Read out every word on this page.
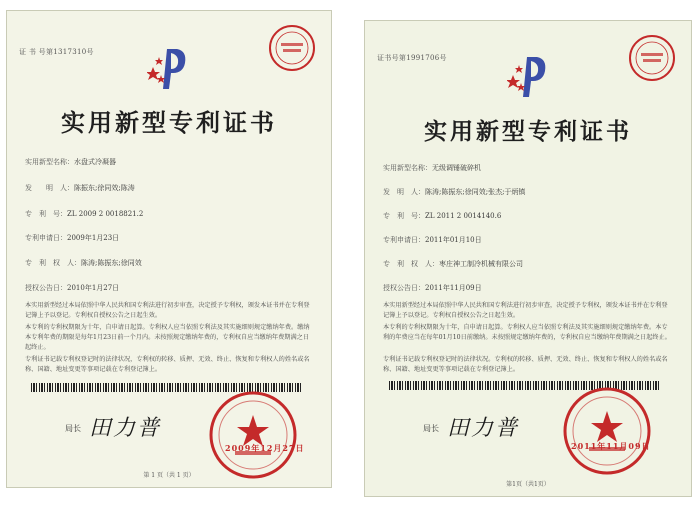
证 书 号第1317310号
实用新型专利证书
实用新型名称：水盘式冷凝器
发　　明　人：陈振东;徐同效;陈涛
专　利　号：ZL 2009 2 0018821.2
专利申请日：2009年1月23日
专　利　权　人：陈涛;陈振东;徐同效
授权公告日：2010年1月27日
本实用新型经过本局依照中华人民共和国专利法进行初步审查，决定授予专利权，颁发本证书并在专利登记簿上予以登记。专利权自授权公告之日起生效。
本专利的专利权期限为十年，自申请日起算。专利权人应当依照专利法及其实施细则规定缴纳年费。缴纳本专利年费的期限是每年1月23日前一个月内。未按照规定缴纳年费的，专利权自应当缴纳年费期满之日起终止。
专利证书记载专利权登记时的法律状况，专利权的转移、质押、无效、终止、恢复和专利权人的姓名或名称、国籍、地址变更等事项记载在专利登记簿上。
局长 田力普
2009年12月27日
第 1 页（共 1 页）
证书号第1991706号
实用新型专利证书
实用新型名称：无级调锤破碎机
发　明　人：陈涛;陈振东;徐同效;张杰;于炳镇
专　利　号：ZL 2011 2 0014140.6
专利申请日：2011年01月10日
专　利　权　人：枣庄神工制冷机械有限公司
授权公告日：2011年11月09日
本实用新型经过本局依照中华人民共和国专利法进行初步审查，决定授予专利权，颁发本证书并在专利登记簿上予以登记。专利权自授权公告之日起生效。
本专利的专利权期限为十年，自申请日起算。专利权人应当依照专利法及其实施细则规定缴纳年费。本专利的年费应当在每年01月10日前缴纳。未按照规定缴纳年费的，专利权自应当缴纳年费期满之日起终止。
专利证书记载专利权登记时的法律状况。专利权的转移、质押、无效、终止、恢复和专利权人的姓名或名称、国籍、地址变更等事项记载在专利登记簿上。
局长 田力普
2011年11月09日
第1页（共1页）
